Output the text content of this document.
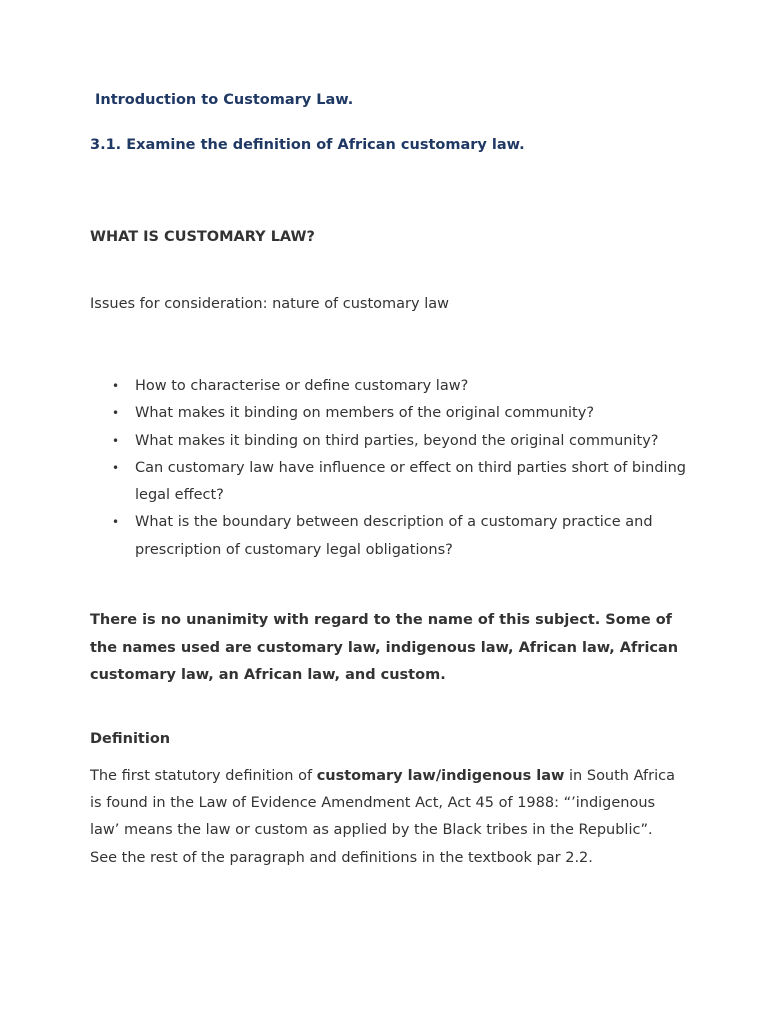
Introduction to Customary Law.
3.1. Examine the definition of African customary law.
WHAT IS CUSTOMARY LAW?
Issues for consideration: nature of customary law
• How to characterise or define customary law?
• What makes it binding on members of the original community?
• What makes it binding on third parties, beyond the original community?
• Can customary law have influence or effect on third parties short of binding legal effect?
• What is the boundary between description of a customary practice and prescription of customary legal obligations?
There is no unanimity with regard to the name of this subject. Some of the names used are customary law, indigenous law, African law, African customary law, an African law, and custom.
Definition
The first statutory definition of customary law/indigenous law in South Africa is found in the Law of Evidence Amendment Act, Act 45 of 1988: “’indigenous law’ means the law or custom as applied by the Black tribes in the Republic”. See the rest of the paragraph and definitions in the textbook par 2.2.
